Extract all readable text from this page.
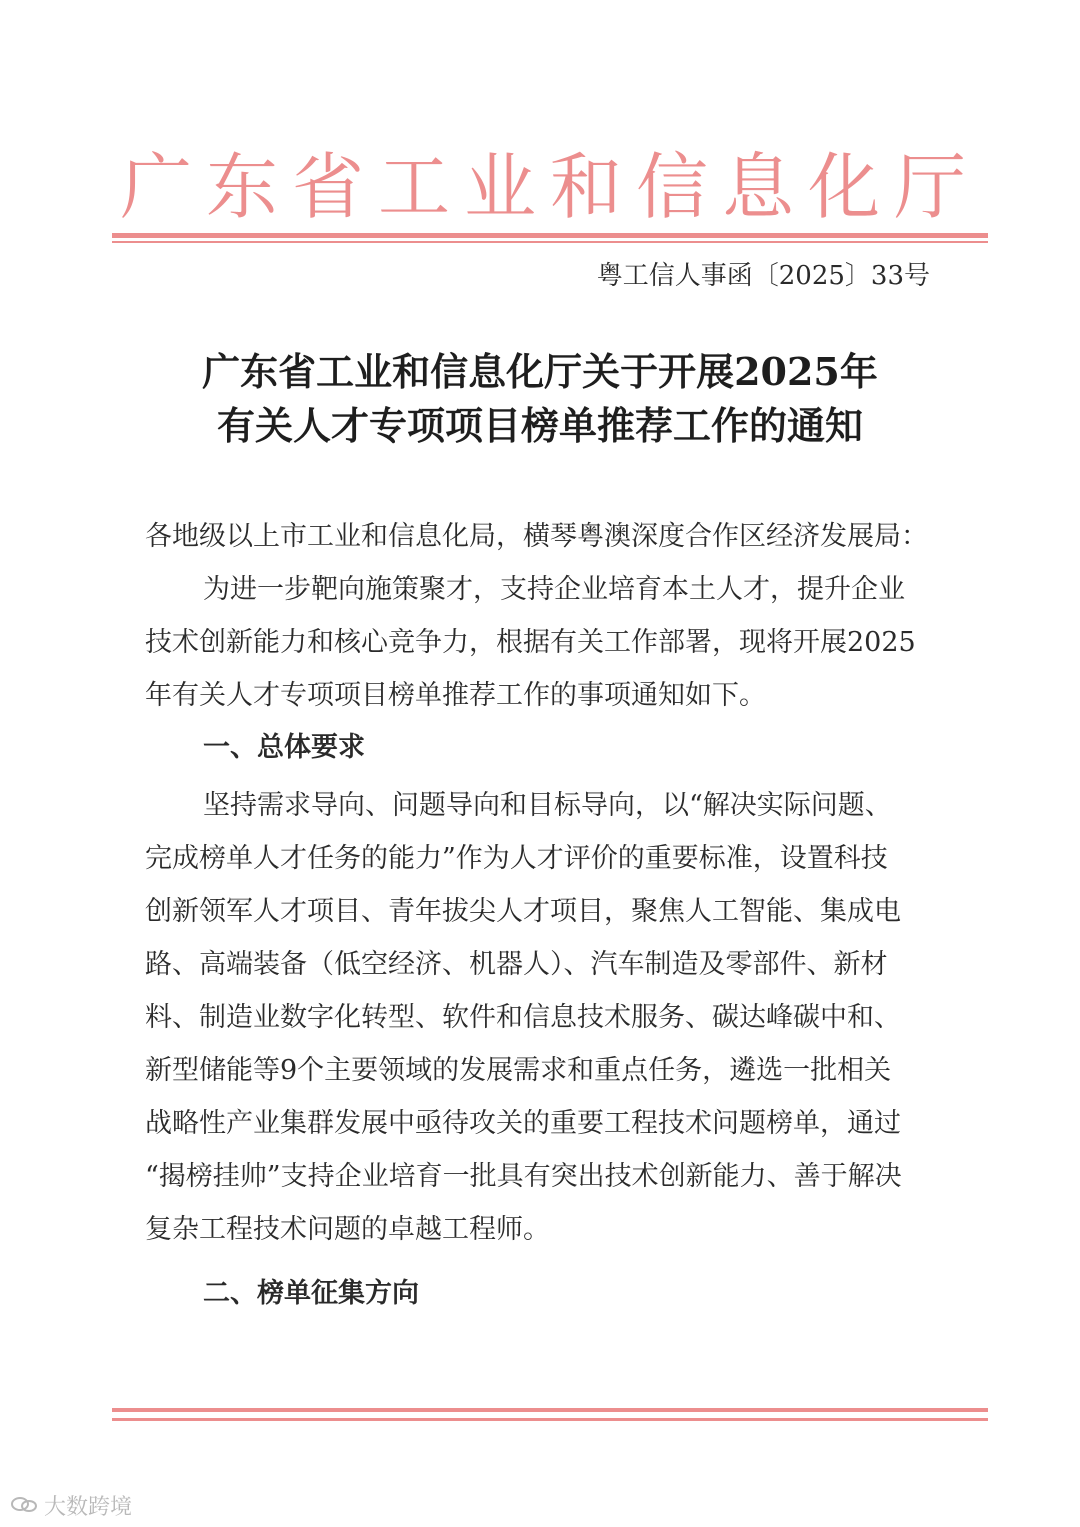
广东省工业和信息化厅
粤工信人事函〔2025〕33号
广东省工业和信息化厅关于开展2025年
有关人才专项项目榜单推荐工作的通知
各地级以上市工业和信息化局，横琴粤澳深度合作区经济发展局：
为进一步靶向施策聚才，支持企业培育本土人才，提升企业
技术创新能力和核心竞争力，根据有关工作部署，现将开展2025
年有关人才专项项目榜单推荐工作的事项通知如下。
一、总体要求
坚持需求导向、问题导向和目标导向，以“解决实际问题、
完成榜单人才任务的能力”作为人才评价的重要标准，设置科技
创新领军人才项目、青年拔尖人才项目，聚焦人工智能、集成电
路、高端装备（低空经济、机器人）、汽车制造及零部件、新材
料、制造业数字化转型、软件和信息技术服务、碳达峰碳中和、
新型储能等9个主要领域的发展需求和重点任务，遴选一批相关
战略性产业集群发展中亟待攻关的重要工程技术问题榜单，通过
“揭榜挂帅”支持企业培育一批具有突出技术创新能力、善于解决
复杂工程技术问题的卓越工程师。
二、榜单征集方向
大数跨境
